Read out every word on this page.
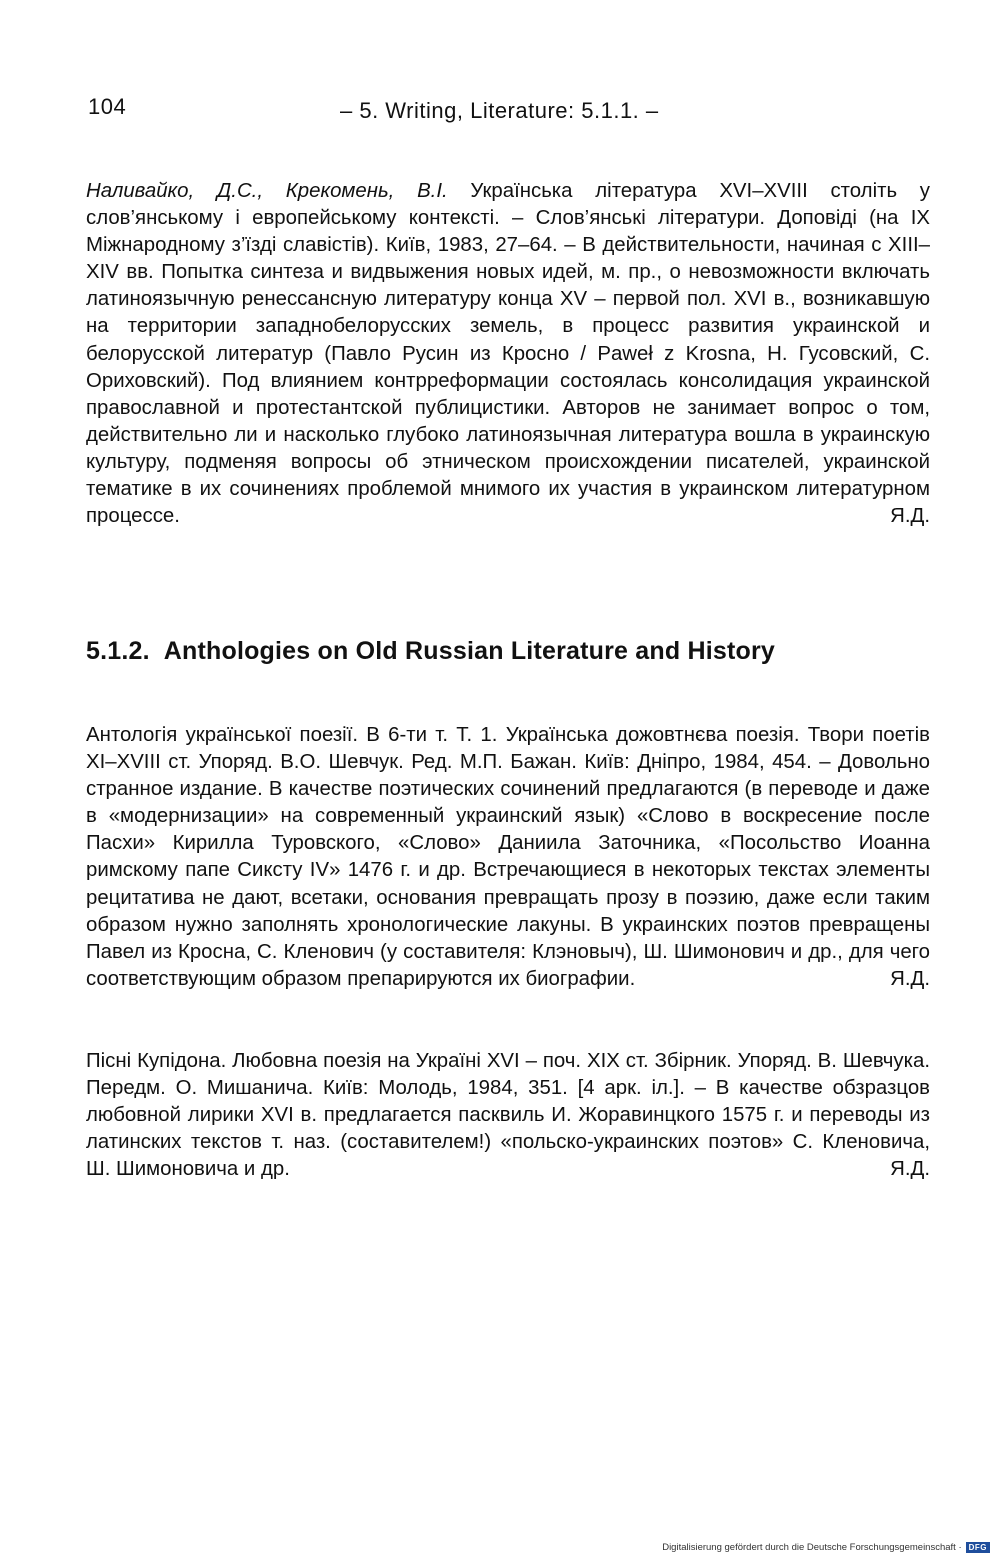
104	– 5. Writing, Literature: 5.1.1. –
Наливайко, Д.С., Крекомень, В.І. Українська література XVI–XVIII століть у слов’янському і европейському контексті. – Слов’янські літератури. Доповіді (на IX Міжнародному з’їзді славістів). Київ, 1983, 27–64. – В действительности, начиная с XIII–XIV вв. Попытка синтеза и видвыжения новых идей, м. пр., о невозможности включать латиноязычную ренессансную литературу конца XV – первой пол. XVI в., возникавшую на территории западнобелорусских земель, в процесс развития украинской и белорусской литератур (Павло Русин из Кросно / Paweł z Krosna, Н. Гусовский, С. Ориховский). Под влиянием контрреформации состоялась консолидация украинской православной и протестантской публицистики. Авторов не занимает вопрос о том, действительно ли и насколько глубоко латиноязычная литература вошла в украинскую культуру, подменяя вопросы об этническом происхождении писателей, украинской тематике в их сочинениях проблемой мнимого их участия в украинском литературном процессе.	Я.Д.
5.1.2. Anthologies on Old Russian Literature and History
Антологія української поезії. В 6-ти т. Т. 1. Українська дожовтнєва поезія. Твори поетів XI–XVIII ст. Упоряд. В.О. Шевчук. Ред. М.П. Бажан. Київ: Дніпро, 1984, 454. – Довольно странное издание. В качестве поэтических сочинений предлагаются (в переводе и даже в «модернизации» на современный украинский язык) «Слово в воскресение после Пасхи» Кирилла Туровского, «Слово» Даниила Заточника, «Посольство Иоанна римскому папе Сиксту IV» 1476 г. и др. Встречающиеся в некоторых текстах элементы рецитатива не дают, всетаки, основания превращать прозу в поэзию, даже если таким образом нужно заполнять хронологические лакуны. В украинских поэтов превращены Павел из Кросна, С. Кленович (у составителя: Клэновыч), Ш. Шимонович и др., для чего соответствующим образом препарируются их биографии.	Я.Д.
Пісні Купідона. Любовна поезія на Україні XVI – поч. XIX ст. Збірник. Упоряд. В. Шевчука. Передм. О. Мишанича. Київ: Молодь, 1984, 351. [4 арк. іл.]. – В качестве обзразцов любовной лирики XVI в. предлагается пасквиль И. Жоравинцкого 1575 г. и переводы из латинских текстов т. наз. (составителем!) «польско-украинских поэтов» С. Кленовича, Ш. Шимоновича и др.	Я.Д.
Digitalisierung gefördert durch die Deutsche Forschungsgemeinschaft · DFG
